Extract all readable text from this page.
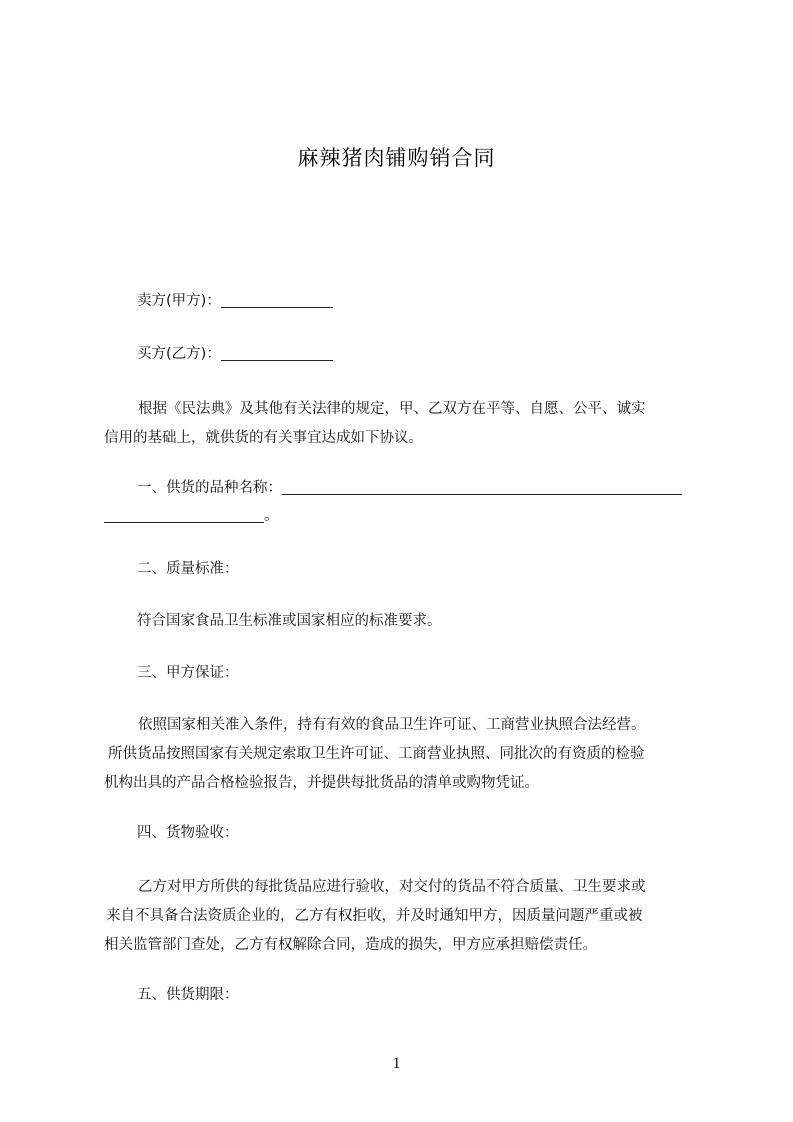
麻辣猪肉铺购销合同
卖方(甲方)：
买方(乙方)：
根据《民法典》及其他有关法律的规定，甲、乙双方在平等、自愿、公平、诚实
信用的基础上，就供货的有关事宜达成如下协议。
一、供货的品种名称：
。
二、质量标准：
符合国家食品卫生标准或国家相应的标准要求。
三、甲方保证：
依照国家相关准入条件，持有有效的食品卫生许可证、工商营业执照合法经营。
所供货品按照国家有关规定索取卫生许可证、工商营业执照、同批次的有资质的检验
机构出具的产品合格检验报告，并提供每批货品的清单或购物凭证。
四、货物验收：
乙方对甲方所供的每批货品应进行验收，对交付的货品不符合质量、卫生要求或
来自不具备合法资质企业的，乙方有权拒收，并及时通知甲方，因质量问题严重或被
相关监管部门查处，乙方有权解除合同，造成的损失，甲方应承担赔偿责任。
五、供货期限：
1
